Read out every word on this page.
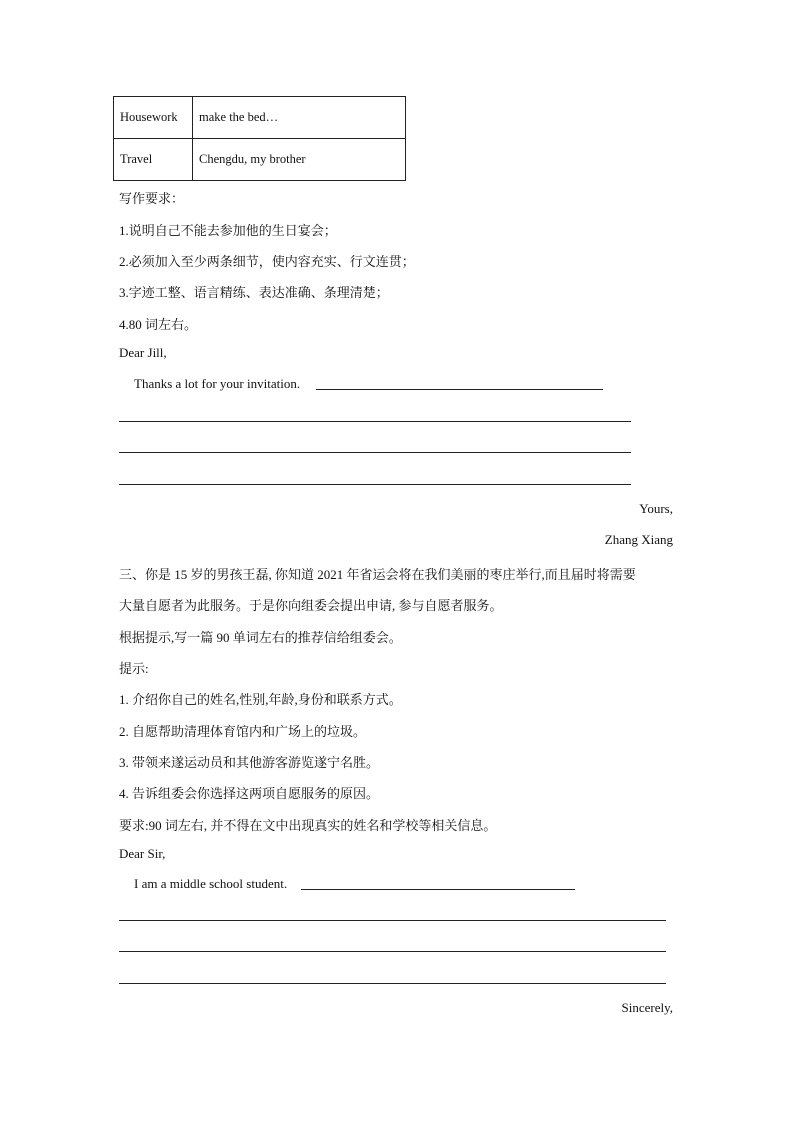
Housework	make the bed…
Travel	Chengdu, my brother
写作要求：
1.说明自己不能去参加他的生日宴会；
2.必须加入至少两条细节，使内容充实、行文连贯；
3.字迹工整、语言精练、表达准确、条理清楚；
4.80 词左右。
Dear Jill,
Thanks a lot for your invitation.
Yours,
Zhang Xiang
三、你是 15 岁的男孩王磊, 你知道 2021 年省运会将在我们美丽的枣庄举行,而且届时将需要
大量自愿者为此服务。于是你向组委会提出申请, 参与自愿者服务。
根据提示,写一篇 90 单词左右的推荐信给组委会。
提示:
1. 介绍你自己的姓名,性别,年龄,身份和联系方式。
2. 自愿帮助清理体育馆内和广场上的垃圾。
3. 带领来遂运动员和其他游客游览遂宁名胜。
4. 告诉组委会你选择这两项自愿服务的原因。
要求:90 词左右, 并不得在文中出现真实的姓名和学校等相关信息。
Dear Sir,
I am a middle school student.
Sincerely,
